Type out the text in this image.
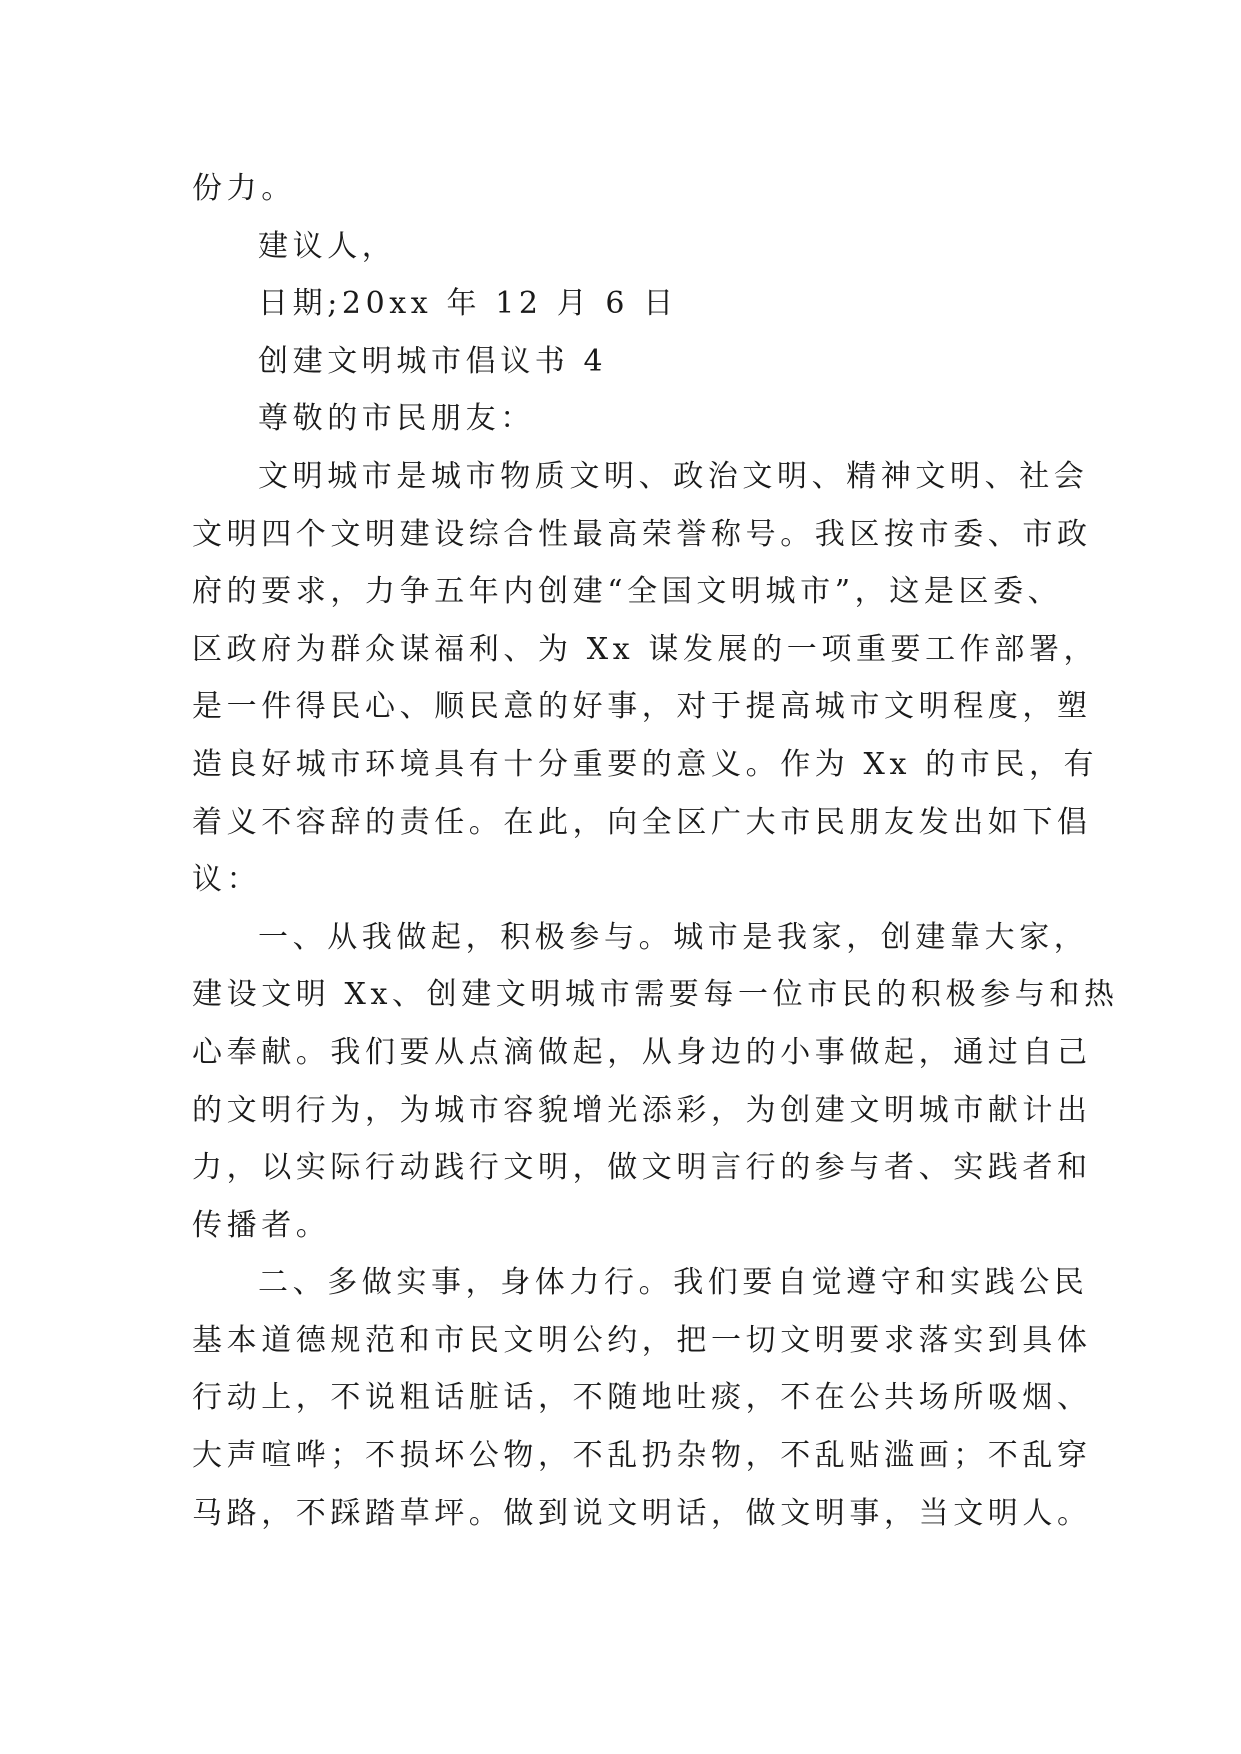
份力。
建议人，
日期;20xx 年 12 月 6 日
创建文明城市倡议书 4
尊敬的市民朋友：
文明城市是城市物质文明、政治文明、精神文明、社会
文明四个文明建设综合性最高荣誉称号。我区按市委、市政
府的要求，力争五年内创建“全国文明城市”，这是区委、
区政府为群众谋福利、为 Xx 谋发展的一项重要工作部署，
是一件得民心、顺民意的好事，对于提高城市文明程度，塑
造良好城市环境具有十分重要的意义。作为 Xx 的市民，有
着义不容辞的责任。在此，向全区广大市民朋友发出如下倡
议：
一、从我做起，积极参与。城市是我家，创建靠大家，
建设文明 Xx、创建文明城市需要每一位市民的积极参与和热
心奉献。我们要从点滴做起，从身边的小事做起，通过自己
的文明行为，为城市容貌增光添彩，为创建文明城市献计出
力，以实际行动践行文明，做文明言行的参与者、实践者和
传播者。
二、多做实事，身体力行。我们要自觉遵守和实践公民
基本道德规范和市民文明公约，把一切文明要求落实到具体
行动上，不说粗话脏话，不随地吐痰，不在公共场所吸烟、
大声喧哗；不损坏公物，不乱扔杂物，不乱贴滥画；不乱穿
马路，不踩踏草坪。做到说文明话，做文明事，当文明人。
